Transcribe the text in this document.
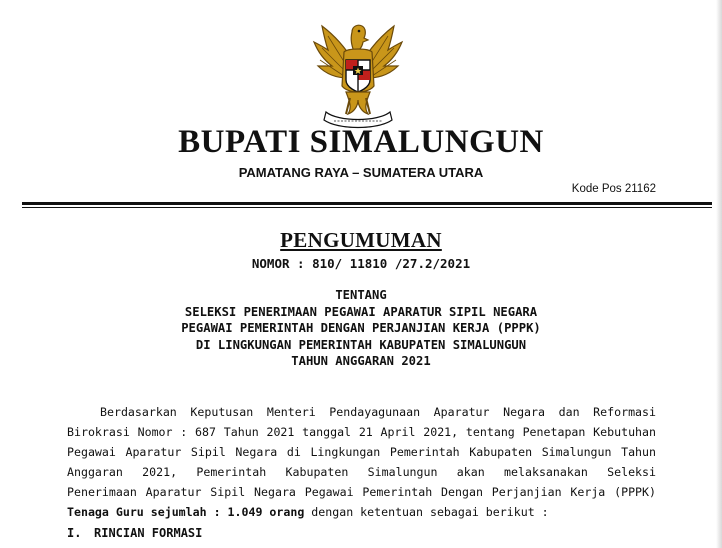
BUPATI SIMALUNGUN
PAMATANG RAYA – SUMATERA UTARA
Kode Pos 21162
PENGUMUMAN
NOMOR : 810/ 11810 /27.2/2021
TENTANG
SELEKSI PENERIMAAN PEGAWAI APARATUR SIPIL NEGARA
PEGAWAI PEMERINTAH DENGAN PERJANJIAN KERJA (PPPK)
DI LINGKUNGAN PEMERINTAH KABUPATEN SIMALUNGUN
TAHUN ANGGARAN 2021
Berdasarkan Keputusan Menteri Pendayagunaan Aparatur Negara dan Reformasi
Birokrasi Nomor : 687 Tahun 2021 tanggal 21 April 2021, tentang Penetapan Kebutuhan
Pegawai Aparatur Sipil Negara di Lingkungan Pemerintah Kabupaten Simalungun Tahun
Anggaran 2021, Pemerintah Kabupaten Simalungun akan melaksanakan Seleksi
Penerimaan Aparatur Sipil Negara Pegawai Pemerintah Dengan Perjanjian Kerja (PPPK)
Tenaga Guru sejumlah : 1.049 orang dengan ketentuan sebagai berikut :
I. RINCIAN FORMASI
